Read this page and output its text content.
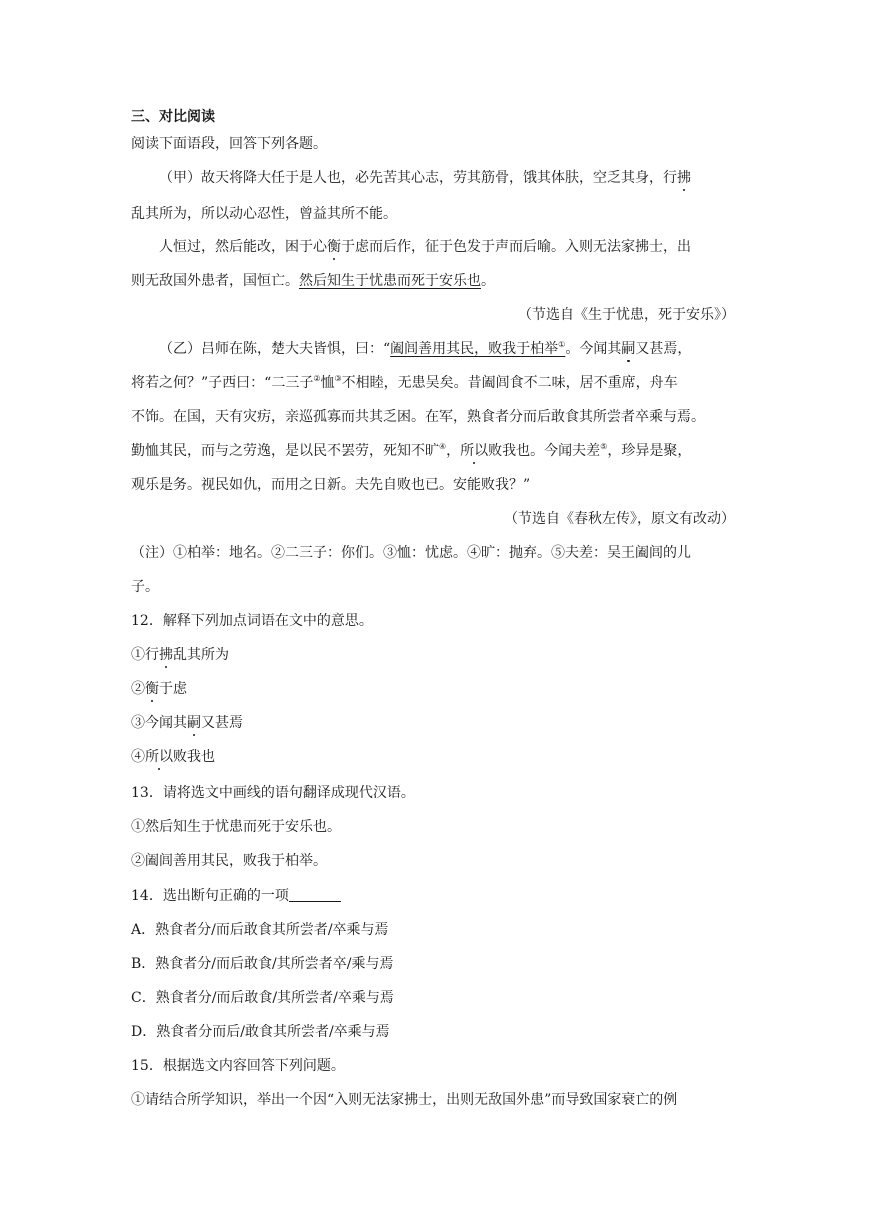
三、对比阅读
阅读下面语段，回答下列各题。
（甲）故天将降大任于是人也，必先苦其心志，劳其筋骨，饿其体肤，空乏其身，行拂
乱其所为，所以动心忍性，曾益其所不能。
人恒过，然后能改，困于心衡于虑而后作，征于色发于声而后喻。入则无法家拂士，出
则无敌国外患者，国恒亡。然后知生于忧患而死于安乐也。
（节选自《生于忧患，死于安乐》）
（乙）吕师在陈，楚大夫皆惧，曰：“阖闾善用其民，败我于柏举①。今闻其嗣又甚焉，
将若之何？”子西曰：“二三子②恤③不相睦，无患吴矣。昔阖闾食不二味，居不重席，舟车
不饰。在国，天有灾疠，亲巡孤寡而共其乏困。在军，熟食者分而后敢食其所尝者卒乘与焉。
勤恤其民，而与之劳逸，是以民不罢劳，死知不旷④，所以败我也。今闻夫差⑤，珍异是聚，
观乐是务。视民如仇，而用之日新。夫先自败也已。安能败我？”
（节选自《春秋左传》，原文有改动）
（注）①柏举：地名。②二三子：你们。③恤：忧虑。④旷：抛弃。⑤夫差：吴王阖闾的儿
子。
12．解释下列加点词语在文中的意思。
①行拂乱其所为
②衡于虑
③今闻其嗣又甚焉
④所以败我也
13．请将选文中画线的语句翻译成现代汉语。
①然后知生于忧患而死于安乐也。
②阖闾善用其民，败我于柏举。
14．选出断句正确的一项
A．熟食者分/而后敢食其所尝者/卒乘与焉
B．熟食者分/而后敢食/其所尝者卒/乘与焉
C．熟食者分/而后敢食/其所尝者/卒乘与焉
D．熟食者分而后/敢食其所尝者/卒乘与焉
15．根据选文内容回答下列问题。
①请结合所学知识，举出一个因“入则无法家拂士，出则无敌国外患”而导致国家衰亡的例
